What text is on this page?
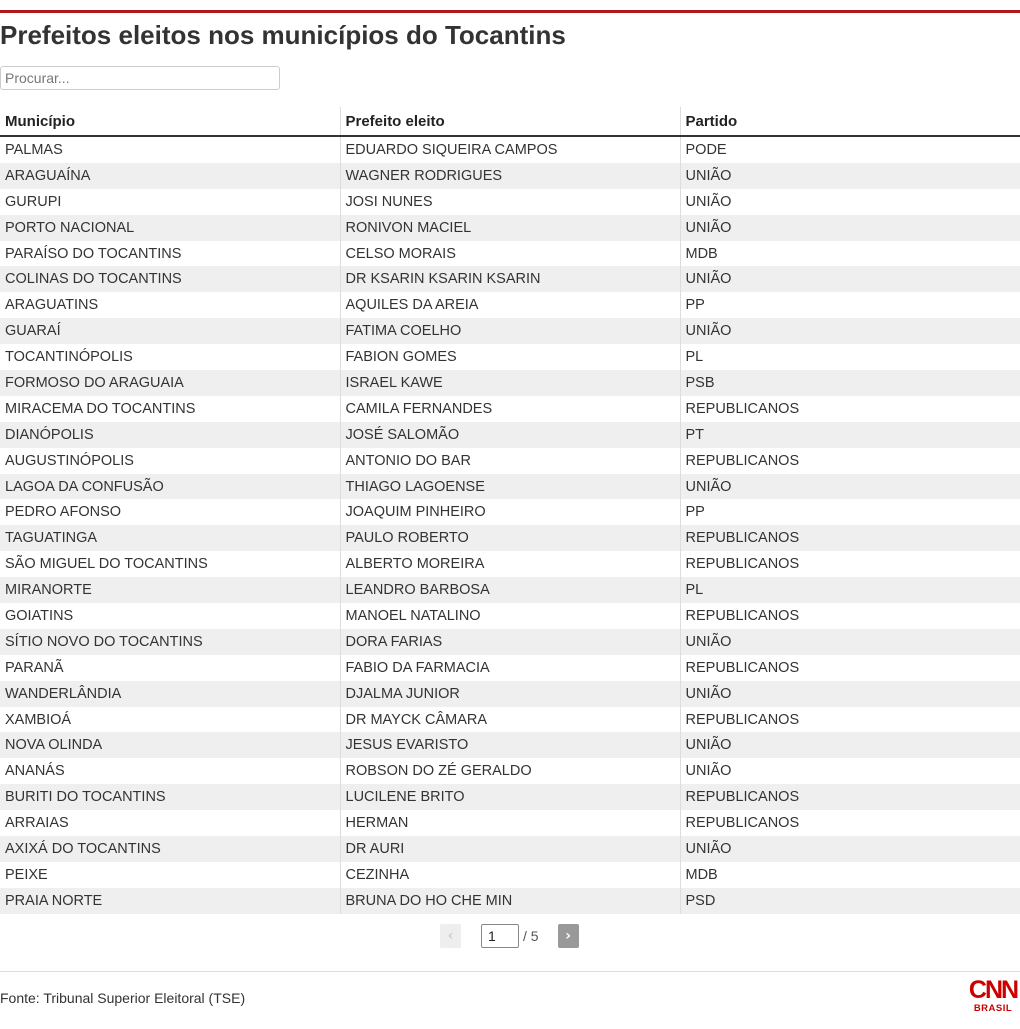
Prefeitos eleitos nos municípios do Tocantins
Procurar...
Município	Prefeito eleito	Partido
PALMAS	EDUARDO SIQUEIRA CAMPOS	PODE
ARAGUAÍNA	WAGNER RODRIGUES	UNIÃO
GURUPI	JOSI NUNES	UNIÃO
PORTO NACIONAL	RONIVON MACIEL	UNIÃO
PARAÍSO DO TOCANTINS	CELSO MORAIS	MDB
COLINAS DO TOCANTINS	DR KSARIN KSARIN KSARIN	UNIÃO
ARAGUATINS	AQUILES DA AREIA	PP
GUARAÍ	FATIMA COELHO	UNIÃO
TOCANTINÓPOLIS	FABION GOMES	PL
FORMOSO DO ARAGUAIA	ISRAEL KAWE	PSB
MIRACEMA DO TOCANTINS	CAMILA FERNANDES	REPUBLICANOS
DIANÓPOLIS	JOSÉ SALOMÃO	PT
AUGUSTINÓPOLIS	ANTONIO DO BAR	REPUBLICANOS
LAGOA DA CONFUSÃO	THIAGO LAGOENSE	UNIÃO
PEDRO AFONSO	JOAQUIM PINHEIRO	PP
TAGUATINGA	PAULO ROBERTO	REPUBLICANOS
SÃO MIGUEL DO TOCANTINS	ALBERTO MOREIRA	REPUBLICANOS
MIRANORTE	LEANDRO BARBOSA	PL
GOIATINS	MANOEL NATALINO	REPUBLICANOS
SÍTIO NOVO DO TOCANTINS	DORA FARIAS	UNIÃO
PARANÃ	FABIO DA FARMACIA	REPUBLICANOS
WANDERLÂNDIA	DJALMA JUNIOR	UNIÃO
XAMBIOÁ	DR MAYCK CÂMARA	REPUBLICANOS
NOVA OLINDA	JESUS EVARISTO	UNIÃO
ANANÁS	ROBSON DO ZÉ GERALDO	UNIÃO
BURITI DO TOCANTINS	LUCILENE BRITO	REPUBLICANOS
ARRAIAS	HERMAN	REPUBLICANOS
AXIXÁ DO TOCANTINS	DR AURI	UNIÃO
PEIXE	CEZINHA	MDB
PRAIA NORTE	BRUNA DO HO CHE MIN	PSD
‹
1	/ 5	›
Fonte: Tribunal Superior Eleitoral (TSE)	CNN
BRASIL
